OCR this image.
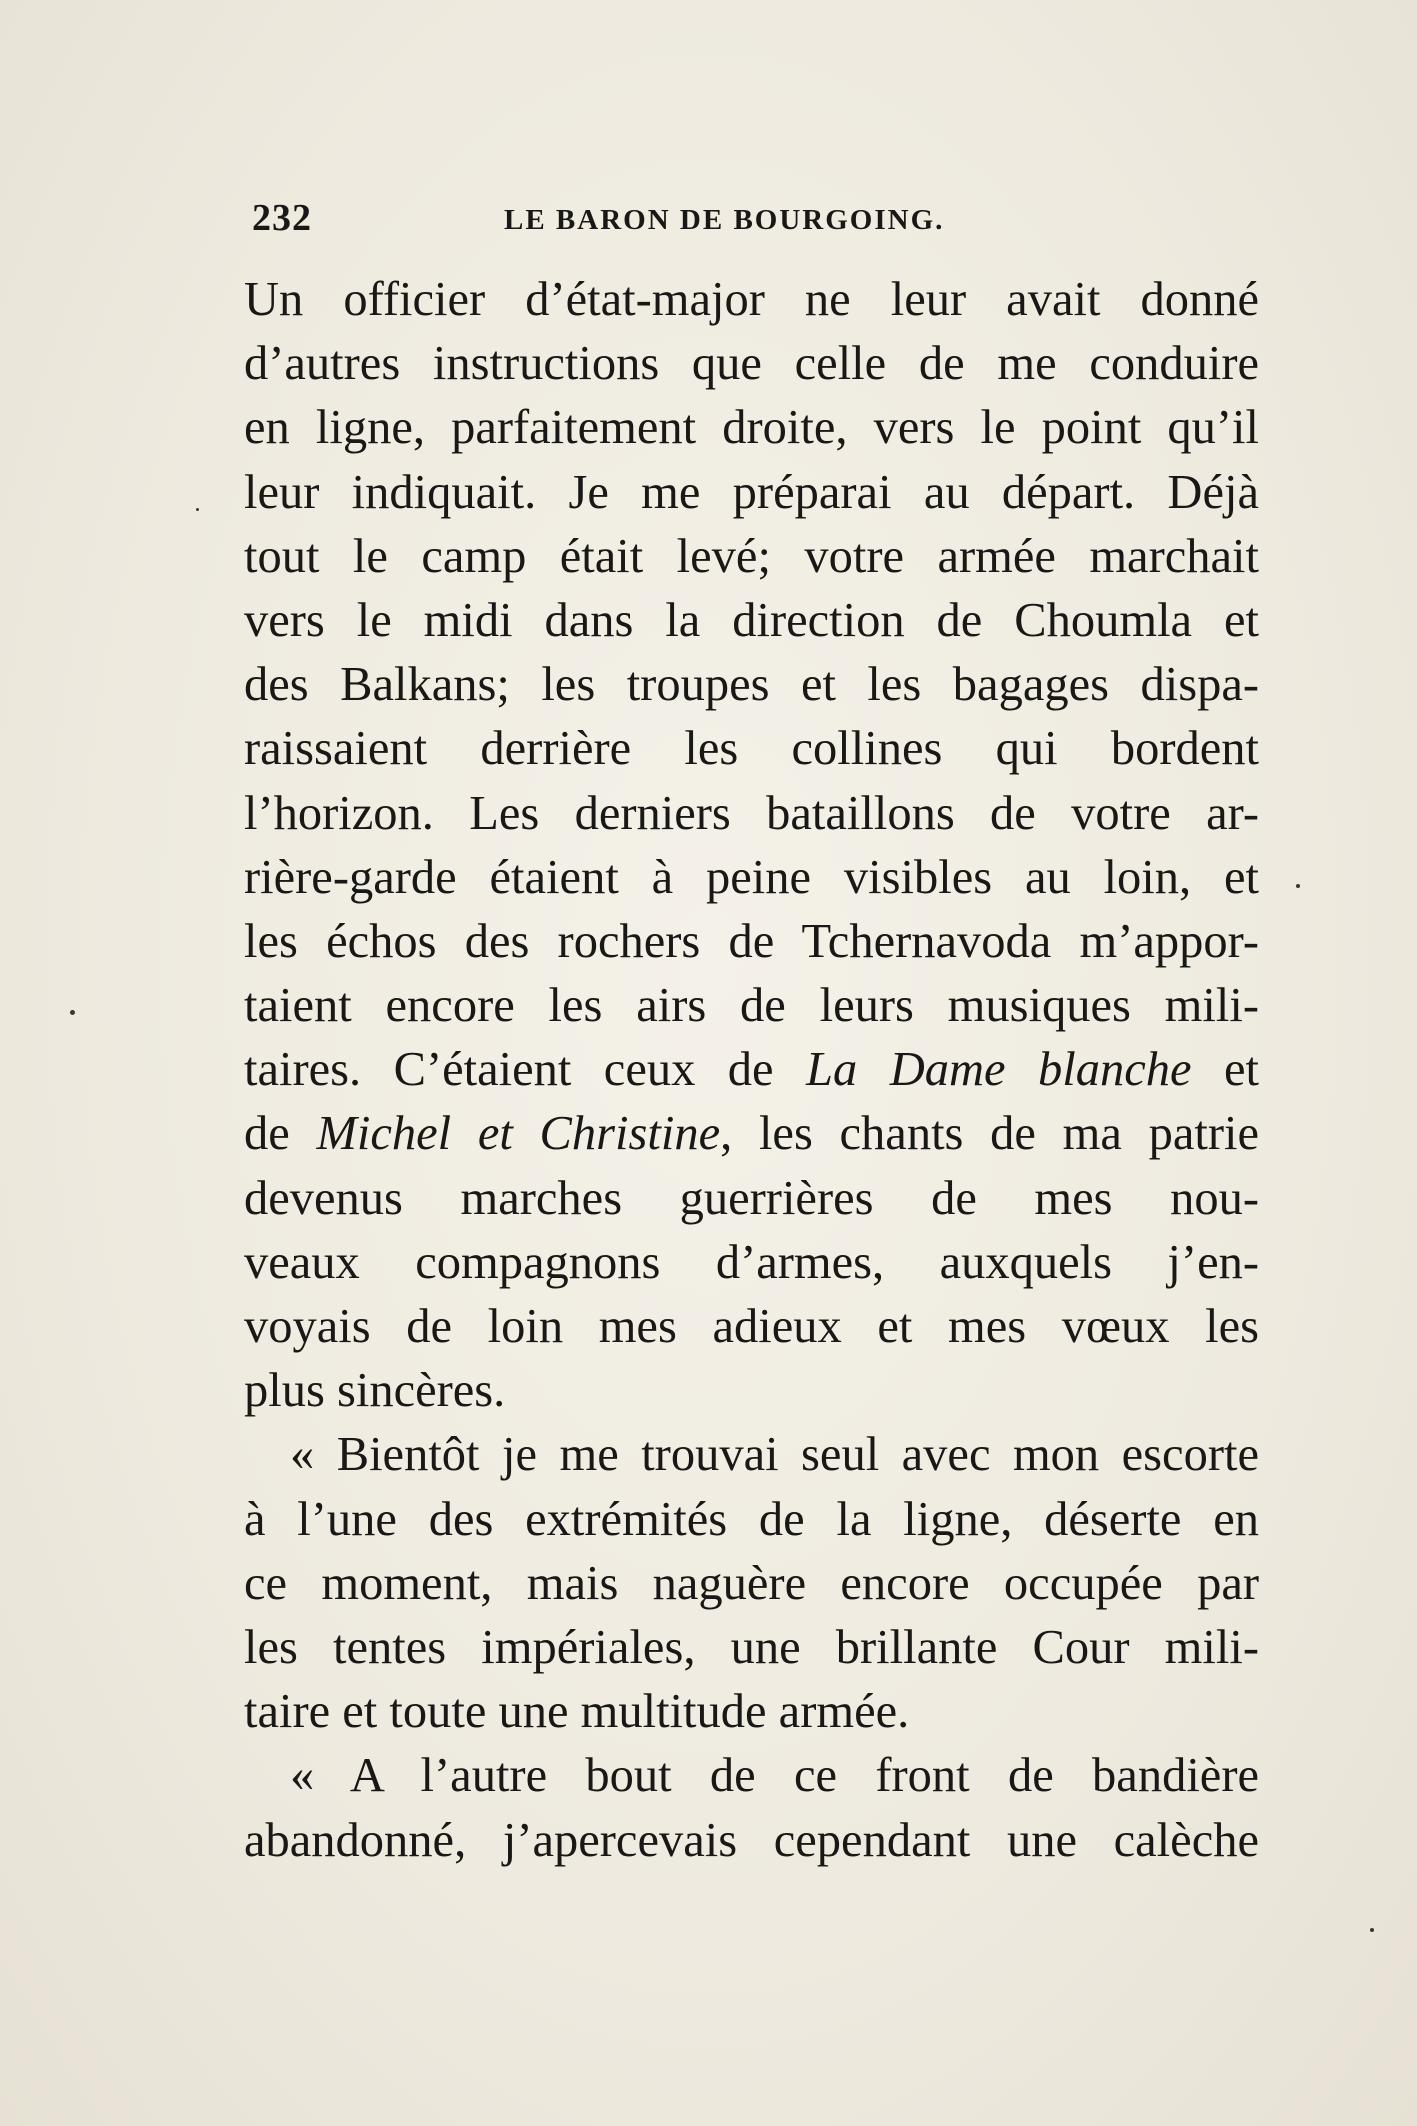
232	LE BARON DE BOURGOING.
Un officier d’état-major ne leur avait donné
d’autres instructions que celle de me conduire
en ligne, parfaitement droite, vers le point qu’il
leur indiquait. Je me préparai au départ. Déjà
tout le camp était levé; votre armée marchait
vers le midi dans la direction de Choumla et
des Balkans; les troupes et les bagages dispa-
raissaient derrière les collines qui bordent
l’horizon. Les derniers bataillons de votre ar-
rière-garde étaient à peine visibles au loin, et
les échos des rochers de Tchernavoda m’appor-
taient encore les airs de leurs musiques mili-
taires. C’étaient ceux de La Dame blanche et
de Michel et Christine, les chants de ma patrie
devenus marches guerrières de mes nou-
veaux compagnons d’armes, auxquels j’en-
voyais de loin mes adieux et mes vœux les
plus sincères.
« Bientôt je me trouvai seul avec mon escorte
à l’une des extrémités de la ligne, déserte en
ce moment, mais naguère encore occupée par
les tentes impériales, une brillante Cour mili-
taire et toute une multitude armée.
« A l’autre bout de ce front de bandière
abandonné, j’apercevais cependant une calèche
